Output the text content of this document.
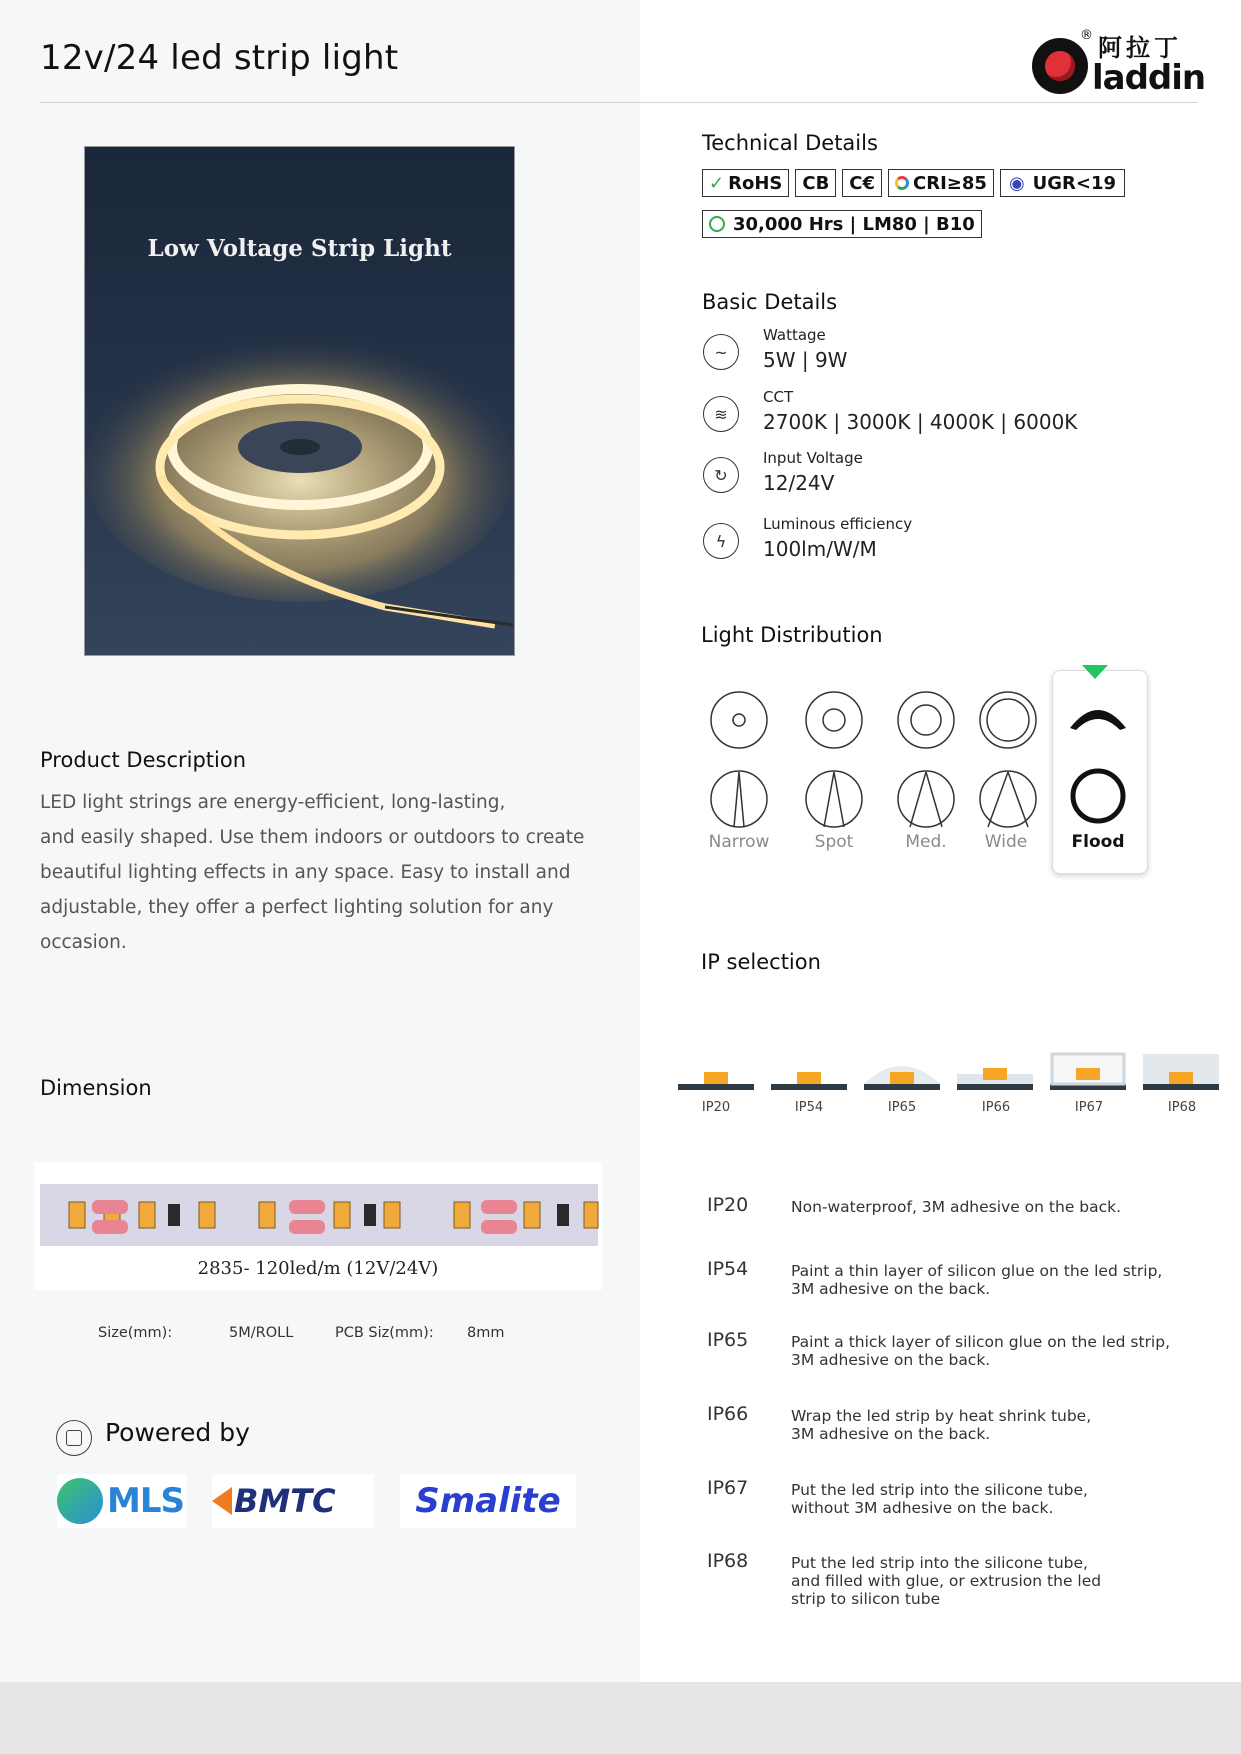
12v/24 led strip light
® 阿拉丁
laddin
Low Voltage Strip Light
Product Description
LED light strings are energy-efficient, long-lasting,
and easily shaped. Use them indoors or outdoors to create
beautiful lighting effects in any space. Easy to install and
adjustable, they offer a perfect lighting solution for any
occasion.
Dimension
2835- 120led/m (12V/24V)
Size(mm):	5M/ROLL	PCB Siz(mm): 8mm
Powered by
MLS BMTC Smalite
Technical Details
✓ RoHS CB C€ CRI≥85 ◉ UGR<19
30,000 Hrs | LM80 | B10
Basic Details
~
Wattage
5W | 9W
≋
CCT
2700K | 3000K | 4000K | 6000K
↻
Input Voltage
12/24V
ϟ
Luminous efficiency
100lm/W/M
Light Distribution
Narrow	Spot	Med.	Wide	Flood
IP selection
IP20	IP54	IP65	IP66	IP67	IP68
IP20	Non-waterproof, 3M adhesive on the back.
IP54	Paint a thin layer of silicon glue on the led strip,
3M adhesive on the back.
IP65	Paint a thick layer of silicon glue on the led strip,
3M adhesive on the back.
IP66	Wrap the led strip by heat shrink tube,
3M adhesive on the back.
IP67	Put the led strip into the silicone tube,
without 3M adhesive on the back.
IP68	Put the led strip into the silicone tube,
and filled with glue, or extrusion the led
strip to silicon tube
